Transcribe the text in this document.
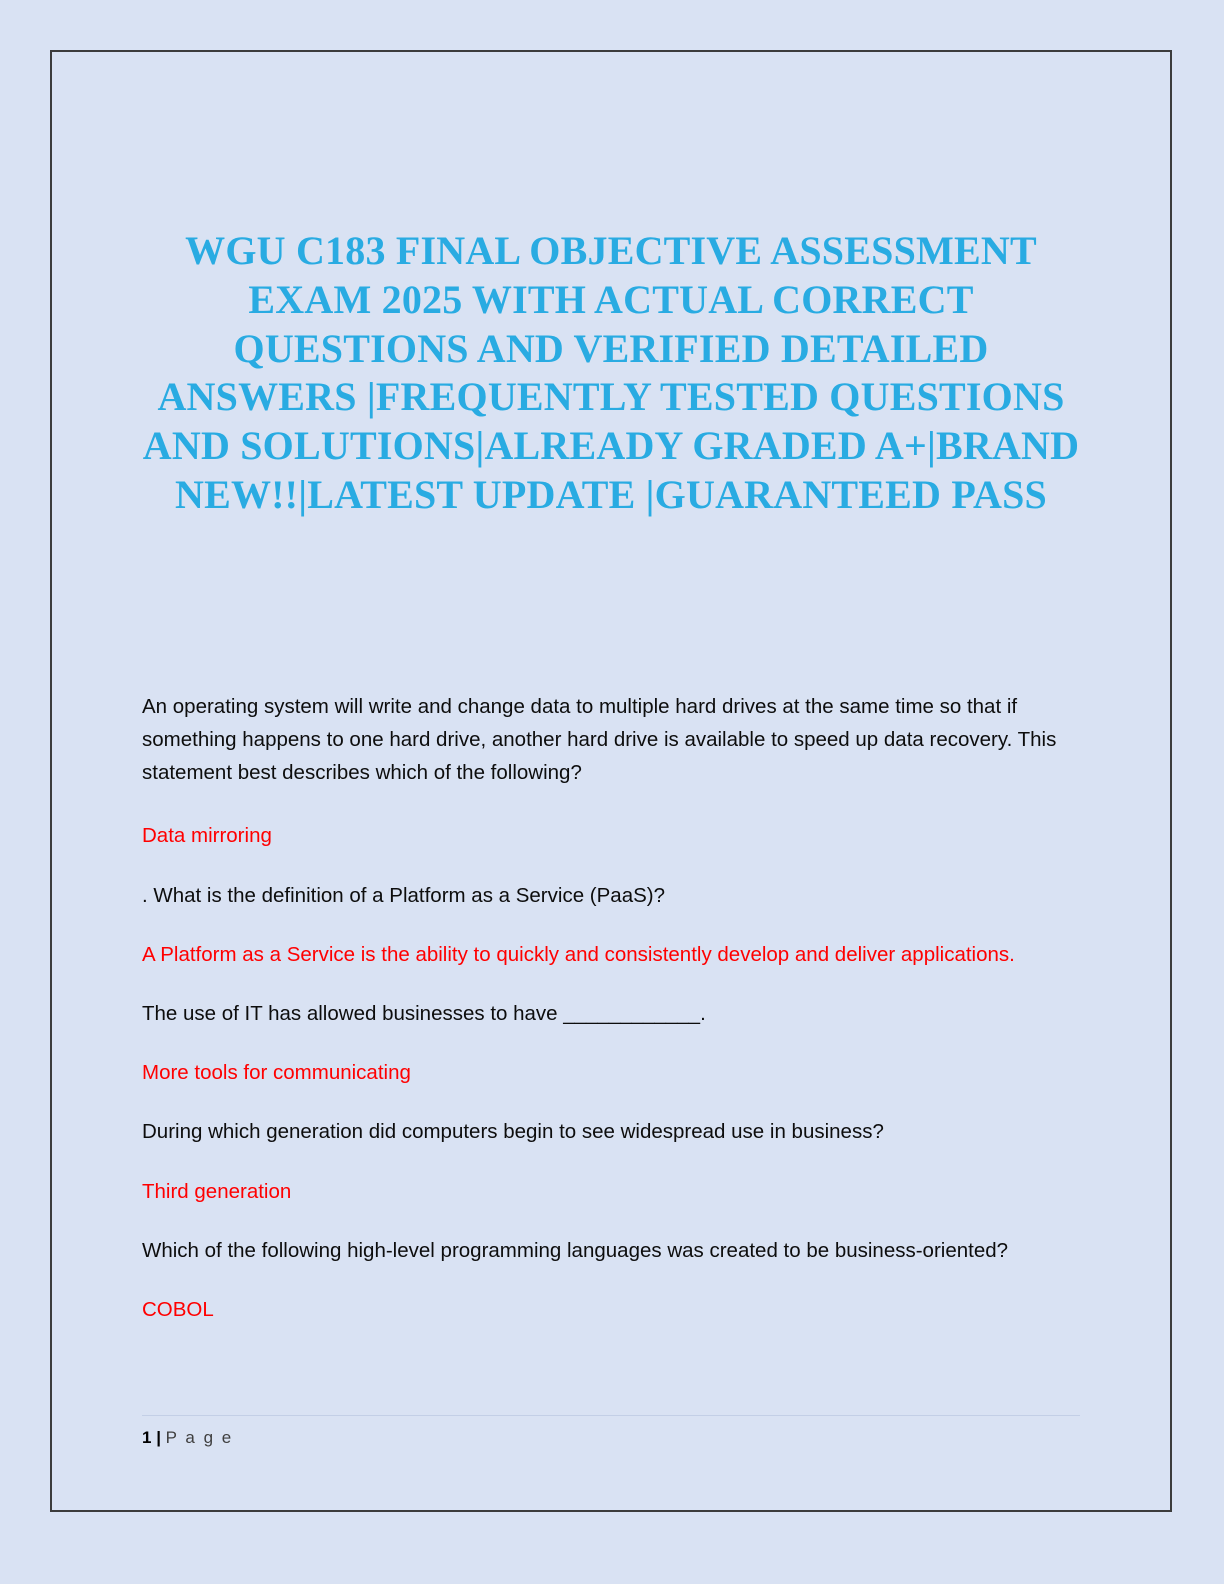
WGU C183 FINAL OBJECTIVE ASSESSMENT EXAM 2025 WITH ACTUAL CORRECT QUESTIONS AND VERIFIED DETAILED ANSWERS |FREQUENTLY TESTED QUESTIONS AND SOLUTIONS|ALREADY GRADED A+|BRAND NEW!!|LATEST UPDATE |GUARANTEED PASS

An operating system will write and change data to multiple hard drives at the same time so that if something happens to one hard drive, another hard drive is available to speed up data recovery. This statement best describes which of the following?

Data mirroring

. What is the definition of a Platform as a Service (PaaS)?

A Platform as a Service is the ability to quickly and consistently develop and deliver applications.

The use of IT has allowed businesses to have ____________.

More tools for communicating

During which generation did computers begin to see widespread use in business?

Third generation

Which of the following high-level programming languages was created to be business-oriented?

COBOL

1 | P a g e
